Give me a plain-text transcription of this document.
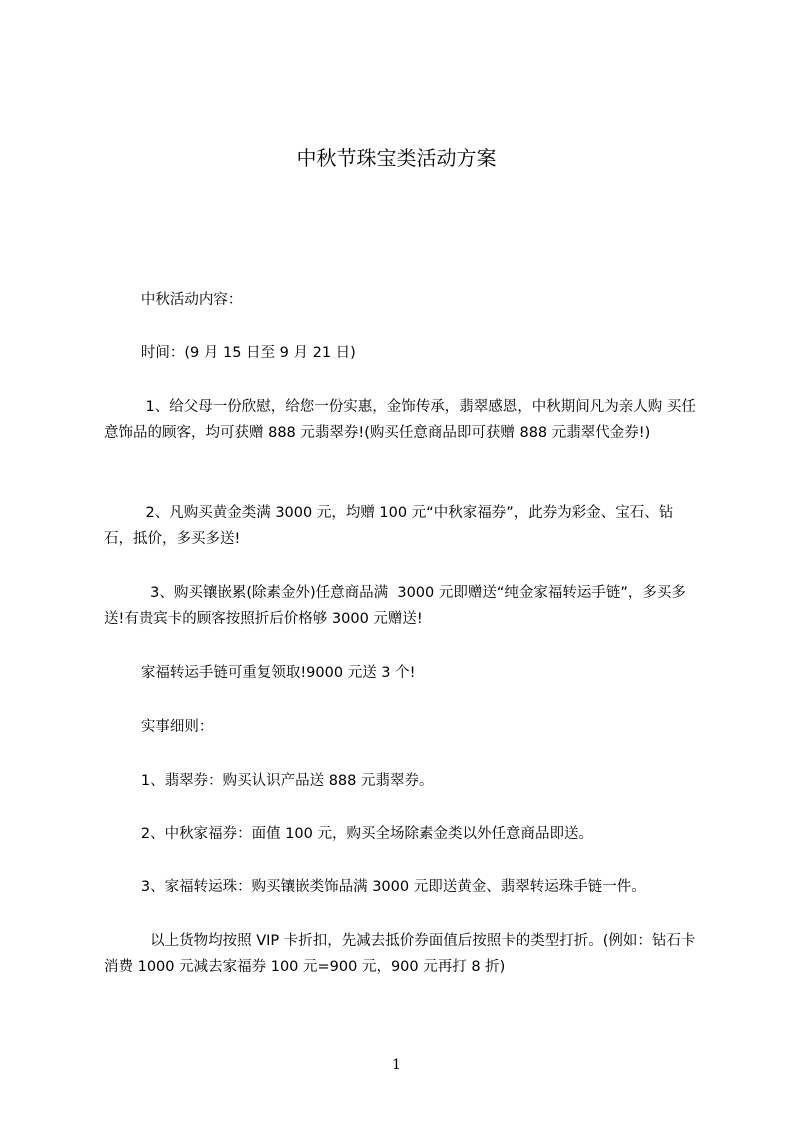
中秋节珠宝类活动方案

中秋活动内容：

时间：(9 月 15 日至 9 月 21 日)

1、给父母一份欣慰，给您一份实惠，金饰传承，翡翠感恩，中秋期间凡为亲人购 买任意饰品的顾客，均可获赠 888 元翡翠券!(购买任意商品即可获赠 888 元翡翠代金券!)

2、凡购买黄金类满 3000 元，均赠 100 元“中秋家福券”，此券为彩金、宝石、钻石，抵价，多买多送!

3、购买镶嵌累(除素金外)任意商品满  3000 元即赠送“纯金家福转运手链”，多买多送!有贵宾卡的顾客按照折后价格够 3000 元赠送!

家福转运手链可重复领取!9000 元送 3 个!

实事细则：

1、翡翠券：购买认识产品送 888 元翡翠券。

2、中秋家福券：面值 100 元，购买全场除素金类以外任意商品即送。

3、家福转运珠：购买镶嵌类饰品满 3000 元即送黄金、翡翠转运珠手链一件。

以上货物均按照 VIP 卡折扣，先减去抵价券面值后按照卡的类型打折。(例如：钻石卡消费 1000 元减去家福券 100 元=900 元，900 元再打 8 折)

1
